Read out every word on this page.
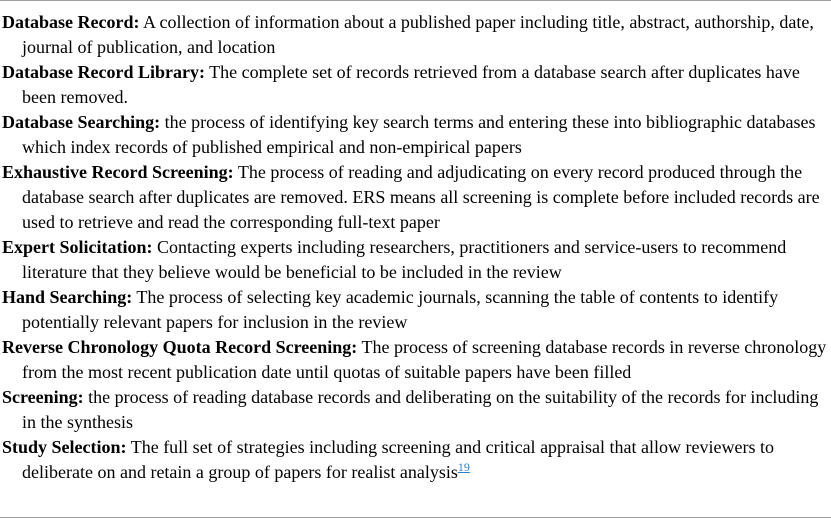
Database Record: A collection of information about a published paper including title, abstract, authorship, date, journal of publication, and location

Database Record Library: The complete set of records retrieved from a database search after duplicates have been removed.

Database Searching: the process of identifying key search terms and entering these into bibliographic databases which index records of published empirical and non-empirical papers

Exhaustive Record Screening: The process of reading and adjudicating on every record produced through the database search after duplicates are removed. ERS means all screening is complete before included records are used to retrieve and read the corresponding full-text paper

Expert Solicitation: Contacting experts including researchers, practitioners and service-users to recommend literature that they believe would be beneficial to be included in the review

Hand Searching: The process of selecting key academic journals, scanning the table of contents to identify potentially relevant papers for inclusion in the review

Reverse Chronology Quota Record Screening: The process of screening database records in reverse chronology from the most recent publication date until quotas of suitable papers have been filled

Screening: the process of reading database records and deliberating on the suitability of the records for including in the synthesis

Study Selection: The full set of strategies including screening and critical appraisal that allow reviewers to deliberate on and retain a group of papers for realist analysis$^{19}$
